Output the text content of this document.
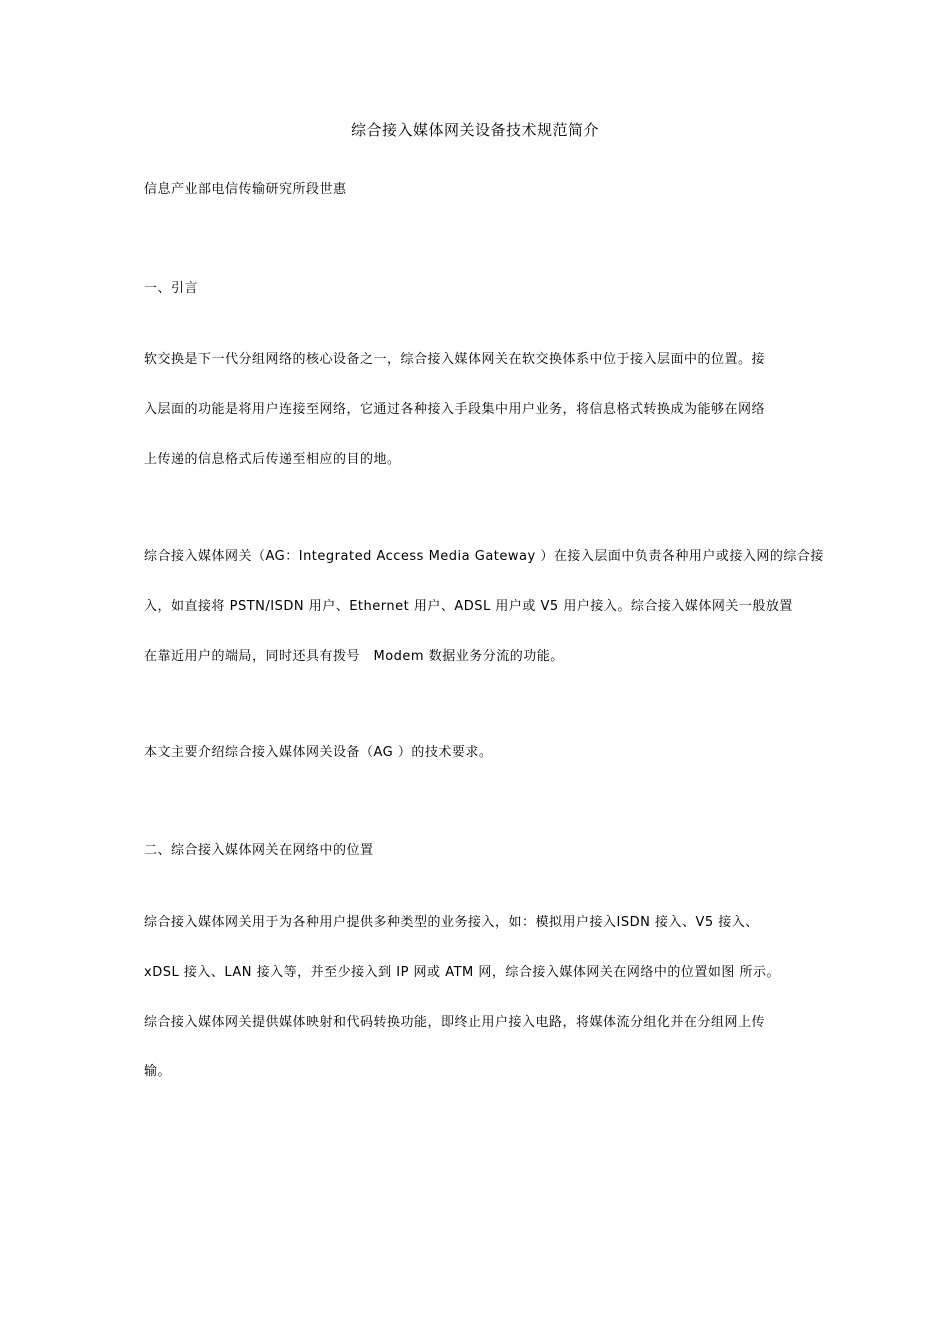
综合接入媒体网关设备技术规范简介
信息产业部电信传输研究所段世惠
一、引言
软交换是下一代分组网络的核心设备之一，综合接入媒体网关在软交换体系中位于接入层面中的位置。接
入层面的功能是将用户连接至网络，它通过各种接入手段集中用户业务，将信息格式转换成为能够在网络
上传递的信息格式后传递至相应的目的地。
综合接入媒体网关（AG：Integrated Access Media Gateway ）在接入层面中负责各种用户或接入网的综合接
入，如直接将 PSTN/ISDN 用户、Ethernet 用户、ADSL 用户或 V5 用户接入。综合接入媒体网关一般放置
在靠近用户的端局，同时还具有拨号　Modem 数据业务分流的功能。
本文主要介绍综合接入媒体网关设备（AG ）的技术要求。
二、综合接入媒体网关在网络中的位置
综合接入媒体网关用于为各种用户提供多种类型的业务接入，如：模拟用户接入ISDN 接入、V5 接入、
xDSL 接入、LAN 接入等，并至少接入到 IP 网或 ATM 网，综合接入媒体网关在网络中的位置如图 所示。
综合接入媒体网关提供媒体映射和代码转换功能，即终止用户接入电路，将媒体流分组化并在分组网上传
输。
